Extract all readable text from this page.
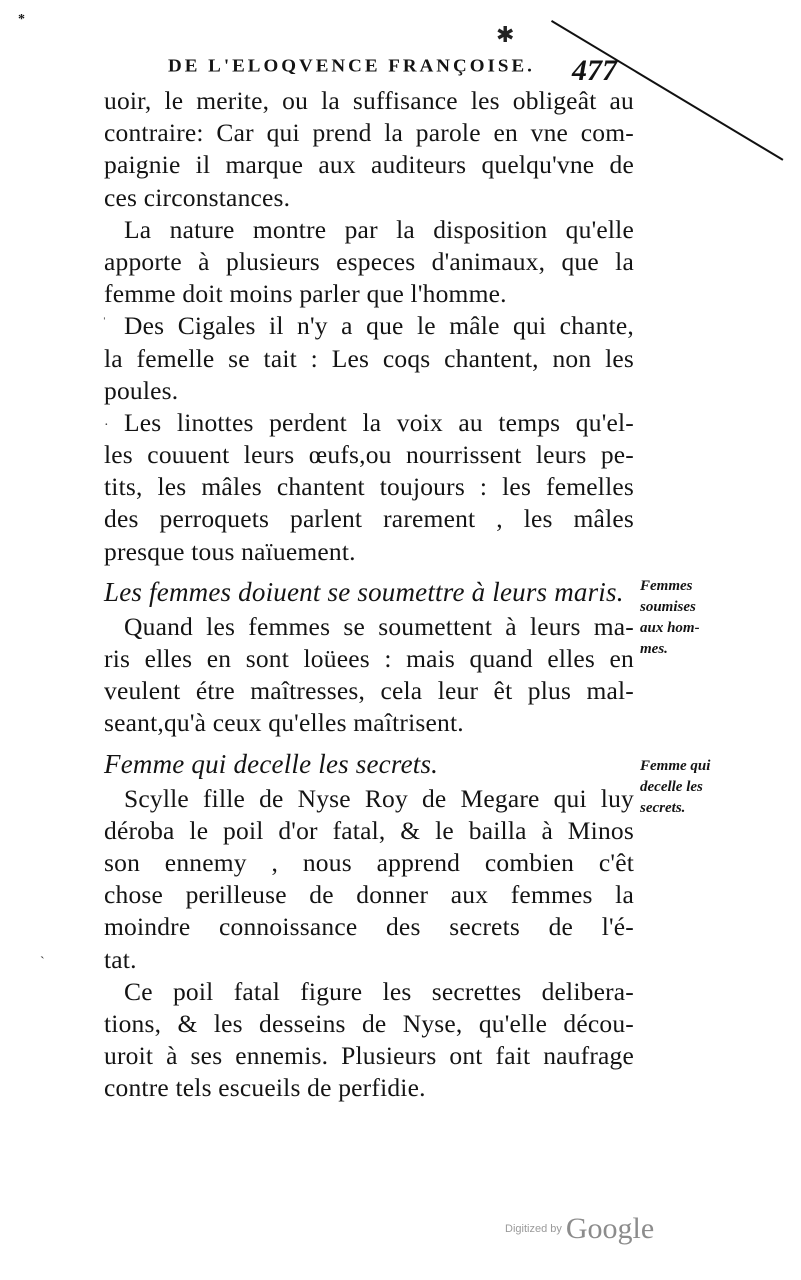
*
✱
DE L'ELOQVENCE FRANÇOISE.	477
uoir, le merite, ou la suffisance les obligeât au
contraire: Car qui prend la parole en vne com-
paignie il marque aux auditeurs quelqu'vne de
ces circonstances.
La nature montre par la disposition qu'elle
apporte à plusieurs especes d'animaux, que la
femme doit moins parler que l'homme.
Des Cigales il n'y a que le mâle qui chante,
la femelle se tait : Les coqs chantent, non les
poules.
Les linottes perdent la voix au temps qu'el-
les couuent leurs œufs,ou nourrissent leurs pe-
tits, les mâles chantent toujours : les femelles
des perroquets parlent rarement , les mâles
presque tous naïuement.
Les femmes doiuent se soumettre à leurs maris.
Quand les femmes se soumettent à leurs ma-
ris elles en sont loüees : mais quand elles en
veulent étre maîtresses, cela leur êt plus mal-
seant,qu'à ceux qu'elles maîtrisent.
Femme qui decelle les secrets.
Scylle fille de Nyse Roy de Megare qui luy
déroba le poil d'or fatal, & le bailla à Minos
son ennemy , nous apprend combien c'êt
chose perilleuse de donner aux femmes la
moindre connoissance des secrets de l'é-
tat.
Ce poil fatal figure les secrettes delibera-
tions, & les desseins de Nyse, qu'elle décou-
uroit à ses ennemis. Plusieurs ont fait naufrage
contre tels escueils de perfidie.
Femmes
soumises
aux hom-
mes.
Femme qui
decelle les
secrets.
ˈ
·
ˋ
Digitized by Google
